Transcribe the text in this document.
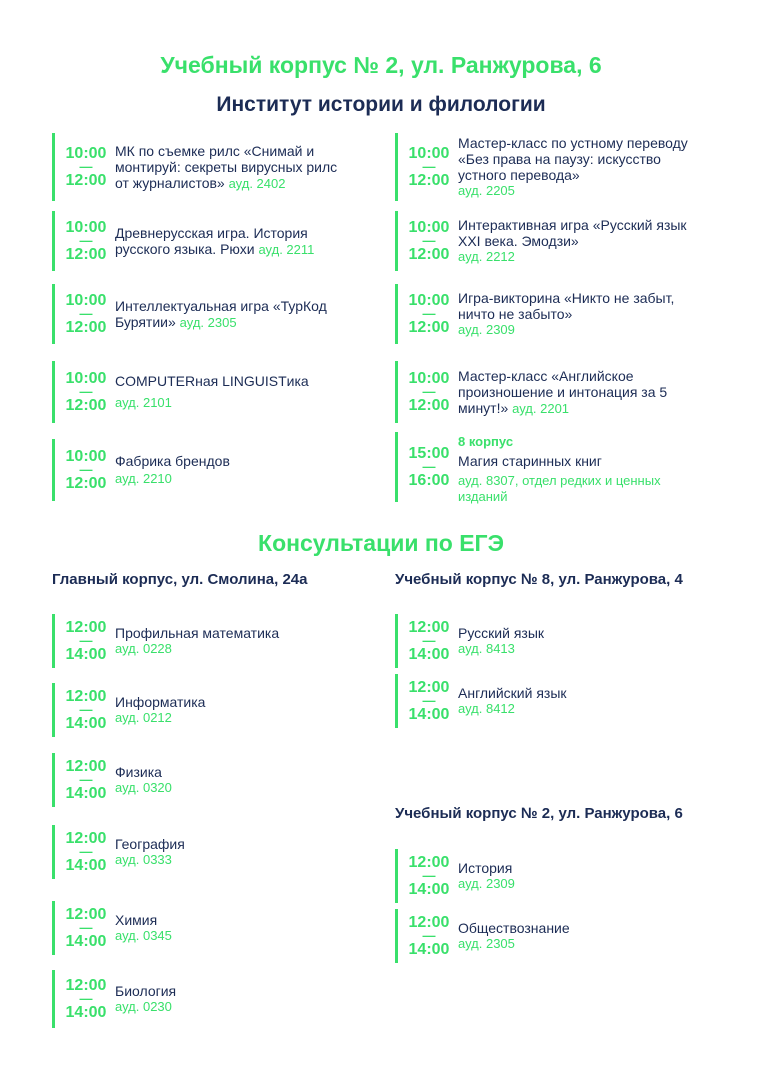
Учебный корпус № 2, ул. Ранжурова, 6
Институт истории и филологии
10:00
—
12:00
МК по съемке рилс «Снимай и монтируй: секреты вирусных рилс от журналистов» ауд. 2402
10:00
—
12:00
Древнерусская игра. История русского языка. Рюхи ауд. 2211
10:00
—
12:00
Интеллектуальная игра «ТурКод Бурятии» ауд. 2305
10:00
—
12:00
COMPUTERная LINGUISTика
ауд. 2101
10:00
—
12:00
Фабрика брендов
ауд. 2210
10:00
—
12:00
Мастер-класс по устному переводу «Без права на паузу: искусство устного перевода»
ауд. 2205
10:00
—
12:00
Интерактивная игра «Русский язык XXI века. Эмодзи»
ауд. 2212
10:00
—
12:00
Игра-викторина «Никто не забыт, ничто не забыто»
ауд. 2309
10:00
—
12:00
Мастер-класс «Английское произношение и интонация за 5 минут!» ауд. 2201
15:00
—
16:00
8 корпус
Магия старинных книг
ауд. 8307, отдел редких и ценных изданий
Консультации по ЕГЭ
Главный корпус, ул. Смолина, 24а	Учебный корпус № 8, ул. Ранжурова, 4
Учебный корпус № 2, ул. Ранжурова, 6
12:00
—
14:00
Профильная математика
ауд. 0228
12:00
—
14:00
Информатика
ауд. 0212
12:00
—
14:00
Физика
ауд. 0320
12:00
—
14:00
География
ауд. 0333
12:00
—
14:00
Химия
ауд. 0345
12:00
—
14:00
Биология
ауд. 0230
12:00
—
14:00
Русский язык
ауд. 8413
12:00
—
14:00
Английский язык
ауд. 8412
12:00
—
14:00
История
ауд. 2309
12:00
—
14:00
Обществознание
ауд. 2305
